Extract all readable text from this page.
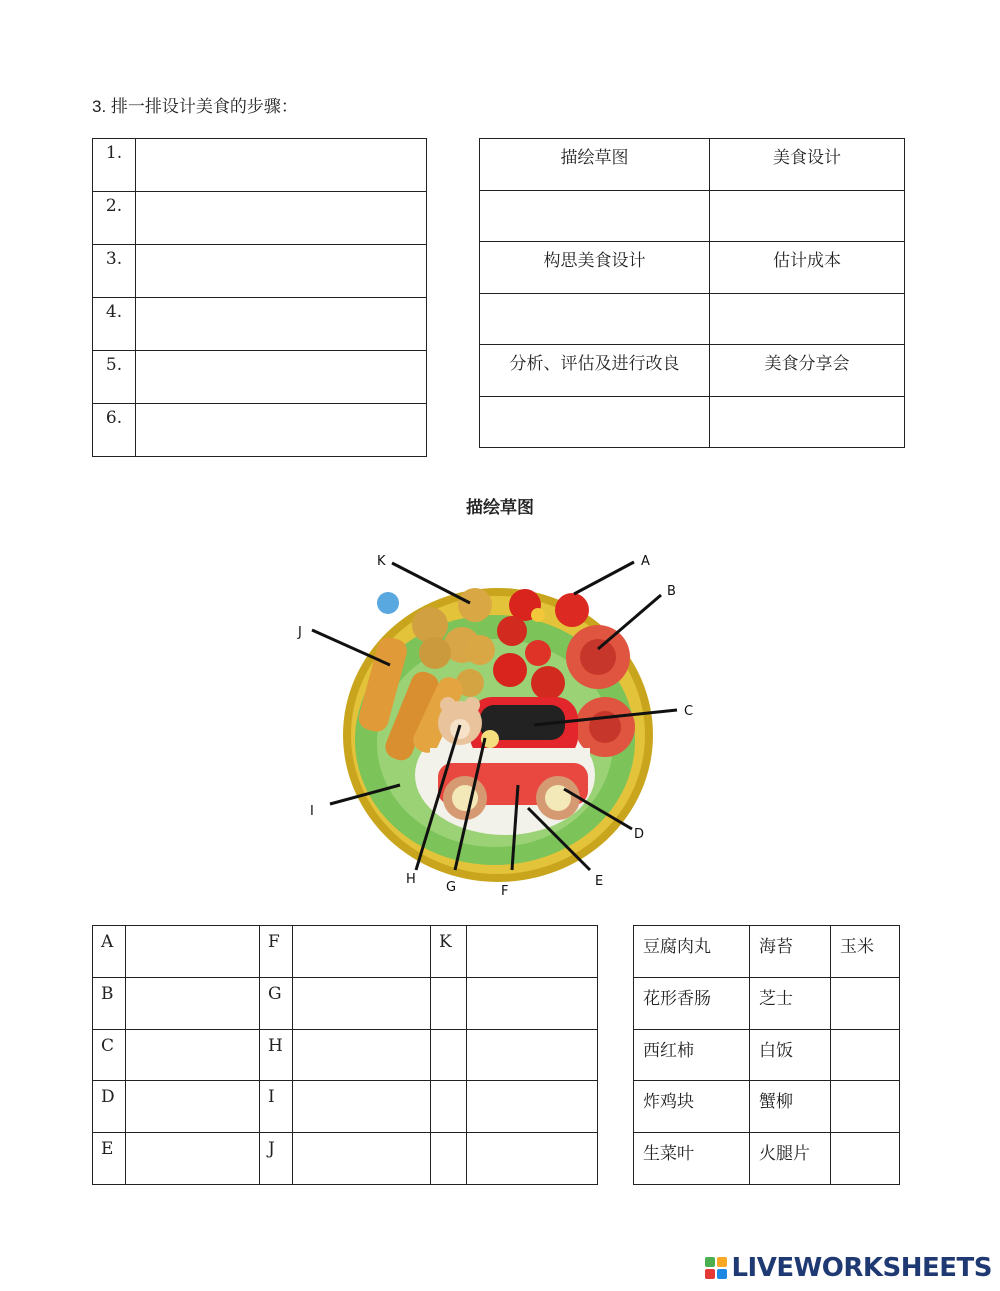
3. 排一排设计美食的步骤：
1.	
2.	
3.	
4.	
5.	
6.	
描绘草图	美食设计

构思美食设计	估计成本

分析、评估及进行改良	美食分享会

描绘草图
A
B
C
D
E
F
G
H
I
J
K
A		F		K	
B		G			
C		H			
D		I			
E		J			
豆腐肉丸	海苔	玉米
花形香肠	芝士	
西红柿	白饭	
炸鸡块	蟹柳	
生菜叶	火腿片	
LIVEWORKSHEETS
